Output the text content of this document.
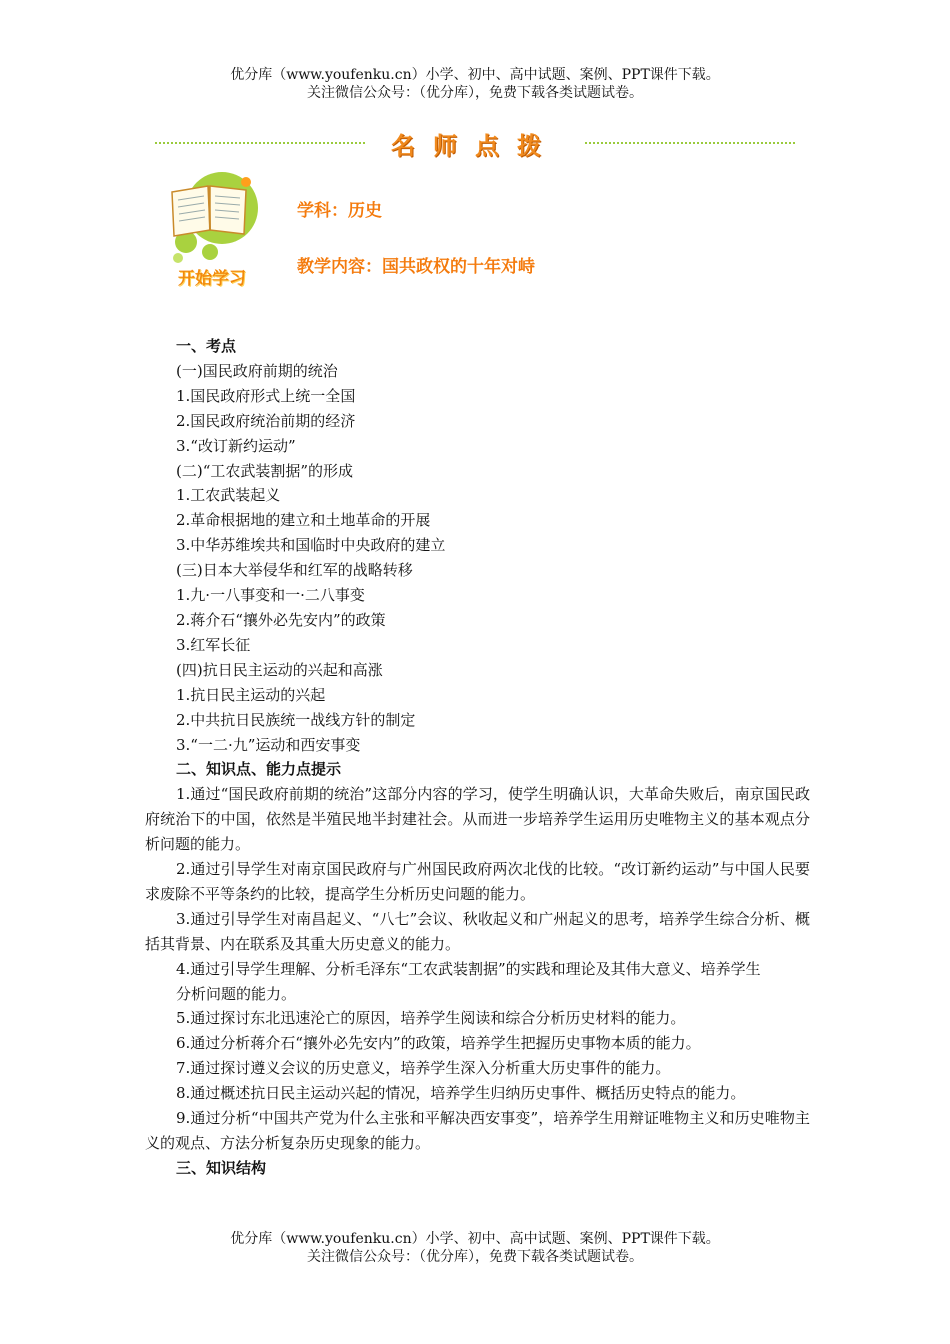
优分库（www.youfenku.cn）小学、初中、高中试题、案例、PPT课件下载。
关注微信公众号：（优分库），免费下载各类试题试卷。
名师点拨
开始学习
学科：历史
教学内容：国共政权的十年对峙

一、考点

(一)国民政府前期的统治

1.国民政府形式上统一全国

2.国民政府统治前期的经济

3.“改订新约运动”

(二)“工农武装割据”的形成

1.工农武装起义

2.革命根据地的建立和土地革命的开展

3.中华苏维埃共和国临时中央政府的建立

(三)日本大举侵华和红军的战略转移

1.九·一八事变和一·二八事变

2.蒋介石“攘外必先安内”的政策

3.红军长征

(四)抗日民主运动的兴起和高涨

1.抗日民主运动的兴起

2.中共抗日民族统一战线方针的制定

3.“一二·九”运动和西安事变

二、知识点、能力点提示

1.通过“国民政府前期的统治”这部分内容的学习，使学生明确认识，大革命失败后，南京国民政府统治下的中国，依然是半殖民地半封建社会。从而进一步培养学生运用历史唯物主义的基本观点分析问题的能力。

2.通过引导学生对南京国民政府与广州国民政府两次北伐的比较。“改订新约运动”与中国人民要求废除不平等条约的比较，提高学生分析历史问题的能力。

3.通过引导学生对南昌起义、“八七”会议、秋收起义和广州起义的思考，培养学生综合分析、概括其背景、内在联系及其重大历史意义的能力。

4.通过引导学生理解、分析毛泽东“工农武装割据”的实践和理论及其伟大意义、培养学生

分析问题的能力。

5.通过探讨东北迅速沦亡的原因，培养学生阅读和综合分析历史材料的能力。

6.通过分析蒋介石“攘外必先安内”的政策，培养学生把握历史事物本质的能力。

7.通过探讨遵义会议的历史意义，培养学生深入分析重大历史事件的能力。

8.通过概述抗日民主运动兴起的情况，培养学生归纳历史事件、概括历史特点的能力。

9.通过分析“中国共产党为什么主张和平解决西安事变”，培养学生用辩证唯物主义和历史唯物主义的观点、方法分析复杂历史现象的能力。

三、知识结构

优分库（www.youfenku.cn）小学、初中、高中试题、案例、PPT课件下载。
关注微信公众号：（优分库），免费下载各类试题试卷。
